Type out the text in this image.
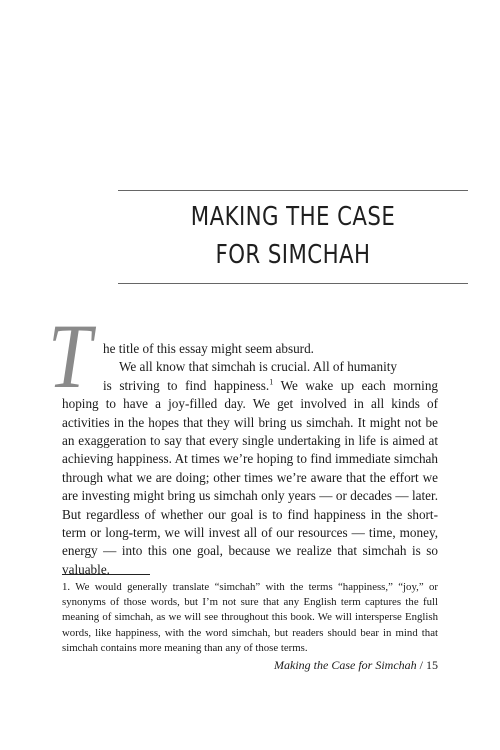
MAKING THE CASE
FOR SIMCHAH
T he title of this essay might seem absurd.

We all know that simchah is crucial. All of humanity

is striving to find happiness.$^1$ We wake up each morning hoping to have a joy-filled day. We get involved in all kinds of activities in the hopes that they will bring us simchah. It might not be an exaggeration to say that every single undertaking in life is aimed at achieving happiness. At times we’re hoping to find immediate simchah through what we are doing; other times we’re aware that the effort we are investing might bring us simchah only years — or decades — later. But regardless of whether our goal is to find happiness in the short-term or long-term, we will invest all of our resources — time, money, energy — into this one goal, because we realize that simchah is so valuable.

1. We would generally translate “simchah” with the terms “happiness,” “joy,” or synonyms of those words, but I’m not sure that any English term captures the full meaning of simchah, as we will see throughout this book. We will intersperse English words, like happiness, with the word simchah, but readers should bear in mind that simchah contains more meaning than any of those terms.
Making the Case for Simchah / 15
